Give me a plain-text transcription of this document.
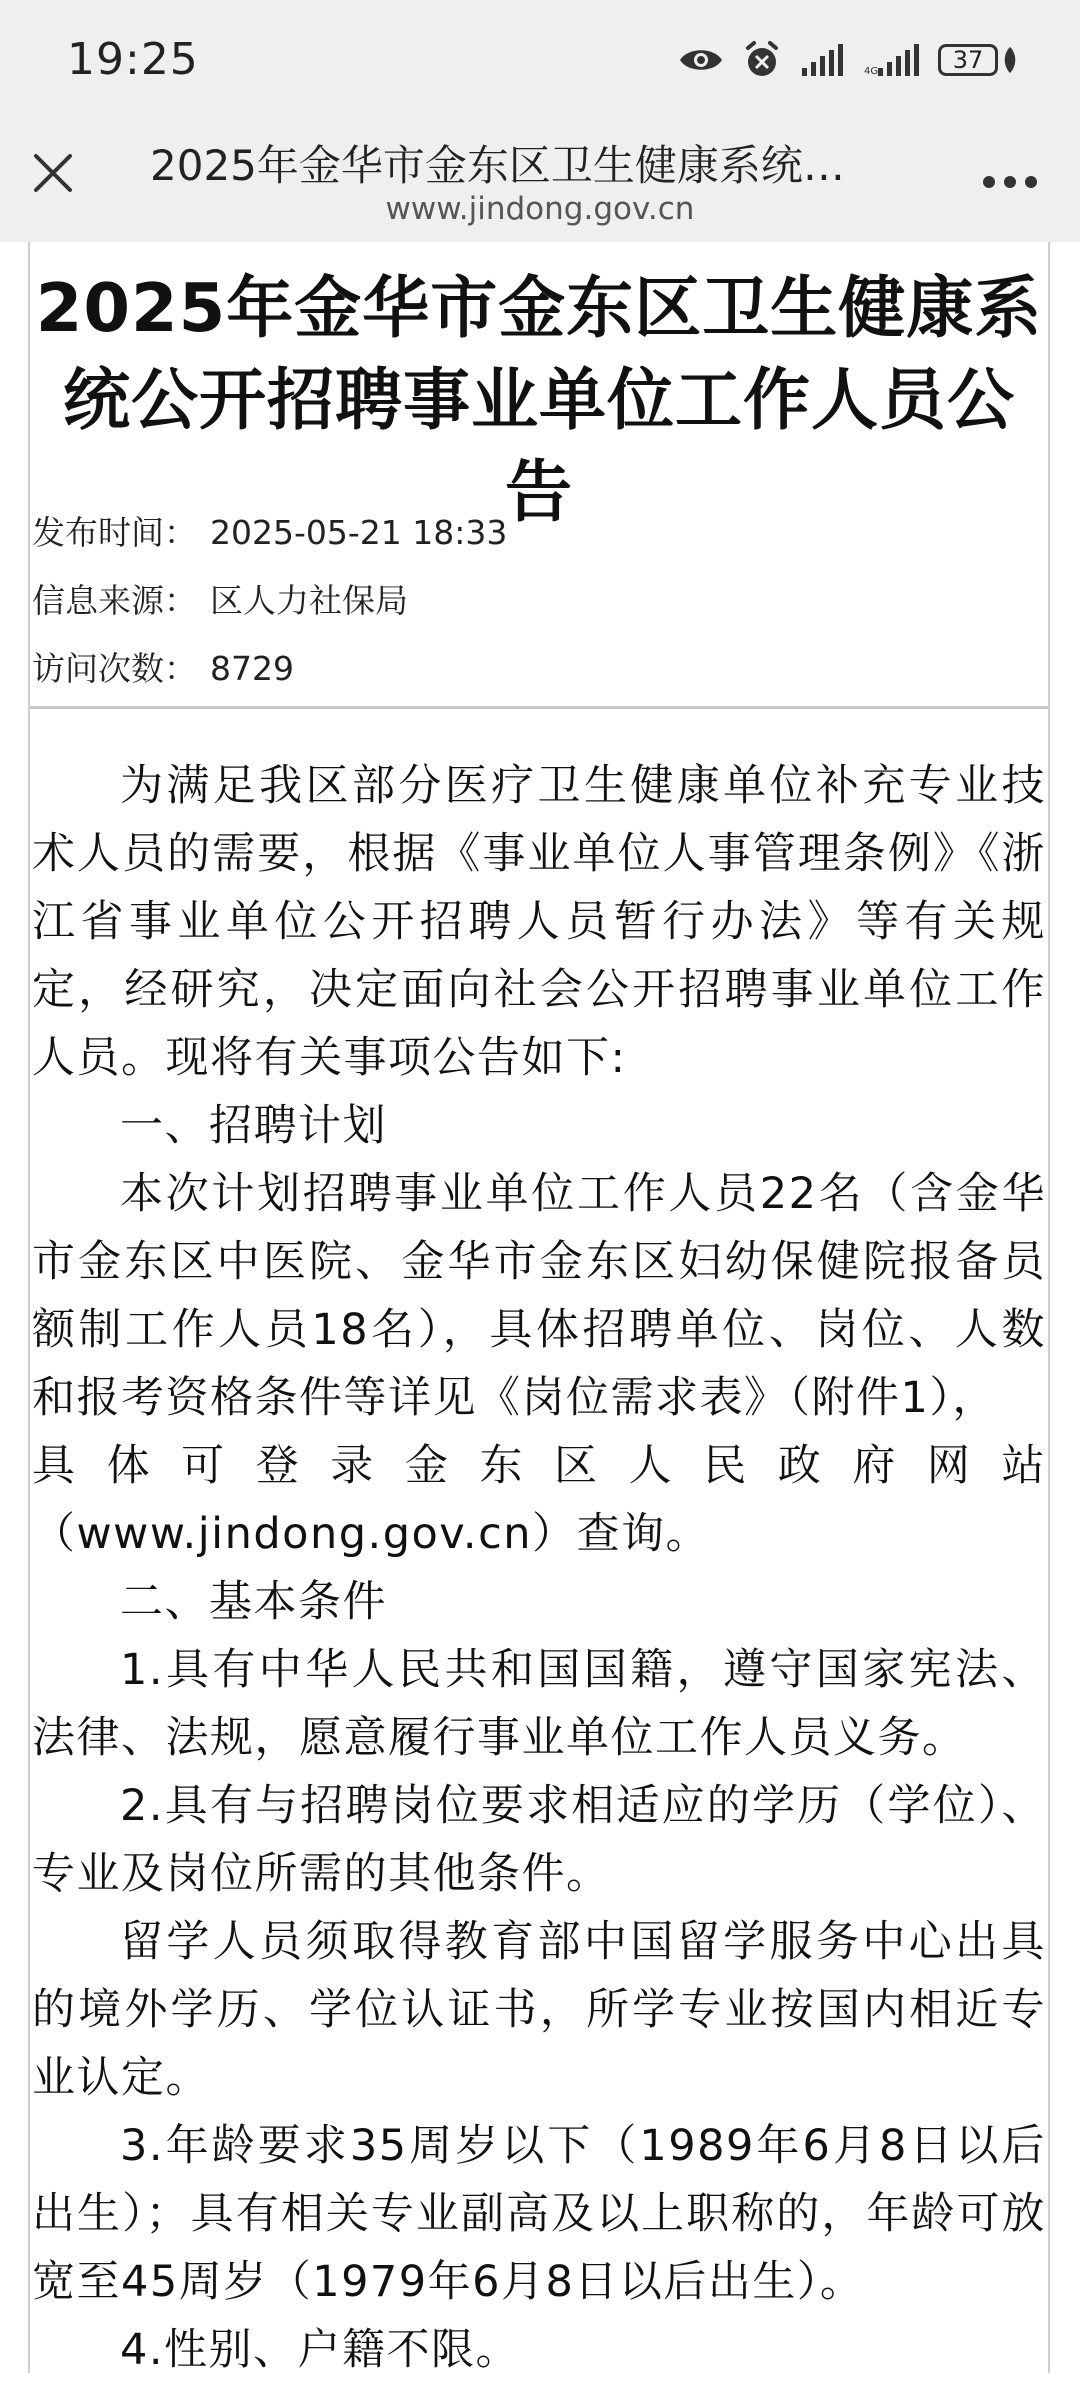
19:25	4G	37
2025年金华市金东区卫生健康系统…
www.jindong.gov.cn
2025年金华市金东区卫生健康系
统公开招聘事业单位工作人员公告
发布时间： 2025-05-21 18:33
信息来源： 区人力社保局
访问次数： 8729

为满足我区部分医疗卫生健康单位补充专业技术人员的需要，根据《事业单位人事管理条例》《浙江省事业单位公开招聘人员暂行办法》等有关规定，经研究，决定面向社会公开招聘事业单位工作人员。现将有关事项公告如下:

一、招聘计划

本次计划招聘事业单位工作人员22名（含金华市金东区中医院、金华市金东区妇幼保健院报备员额制工作人员18名），具体招聘单位、岗位、人数和报考资格条件等详见《岗位需求表》（附件1），

具体可登录金东区人民政府网站

（www.jindong.gov.cn）查询。

二、基本条件

1.具有中华人民共和国国籍，遵守国家宪法、法律、法规，愿意履行事业单位工作人员义务。

2.具有与招聘岗位要求相适应的学历（学位）、专业及岗位所需的其他条件。

留学人员须取得教育部中国留学服务中心出具的境外学历、学位认证书，所学专业按国内相近专业认定。

3.年龄要求35周岁以下（1989年6月8日以后出生）；具有相关专业副高及以上职称的，年龄可放宽至45周岁（1979年6月8日以后出生）。

4.性别、户籍不限。
